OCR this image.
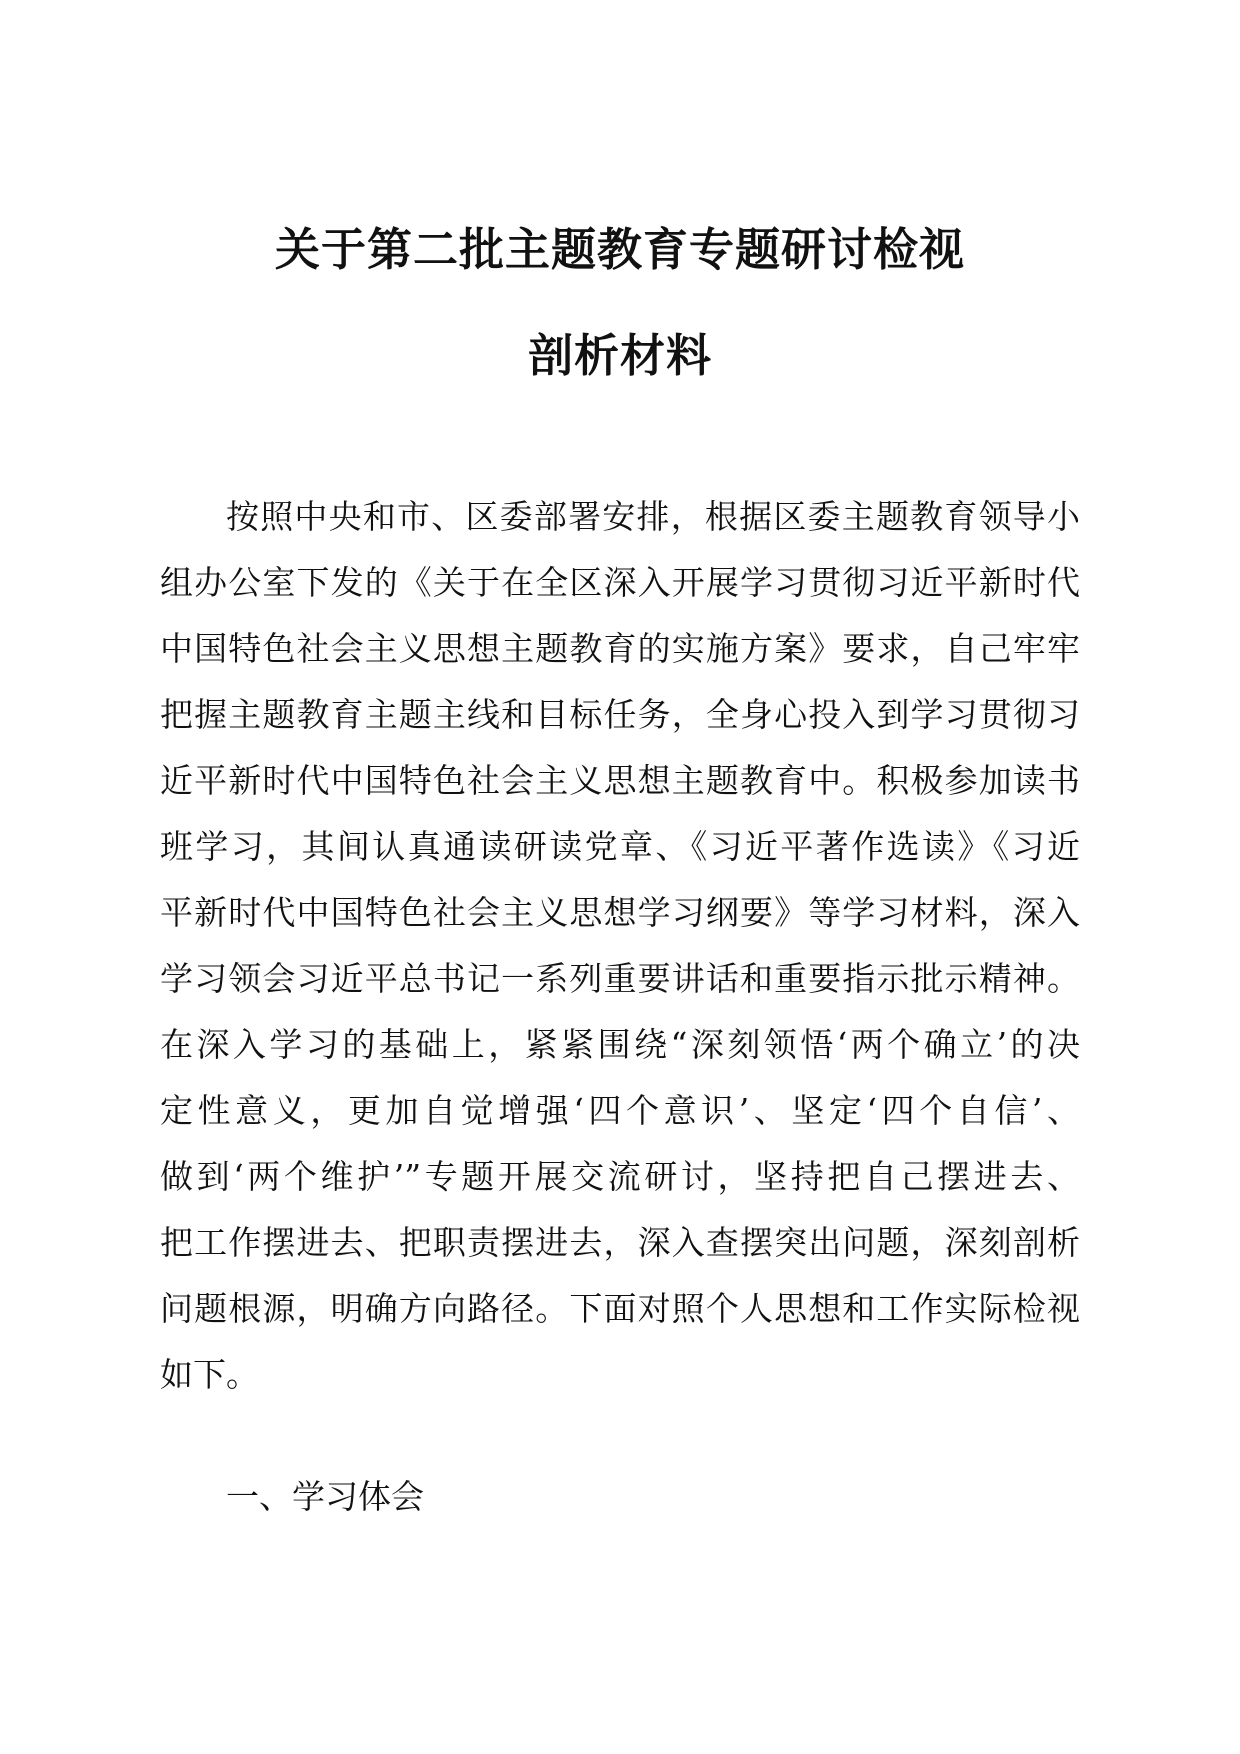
关于第二批主题教育专题研讨检视
剖析材料
按照中央和市、区委部署安排，根据区委主题教育领导小
组办公室下发的《关于在全区深入开展学习贯彻习近平新时代
中国特色社会主义思想主题教育的实施方案》要求，自己牢牢
把握主题教育主题主线和目标任务，全身心投入到学习贯彻习
近平新时代中国特色社会主义思想主题教育中。积极参加读书
班学习，其间认真通读研读党章、《习近平著作选读》《习近
平新时代中国特色社会主义思想学习纲要》等学习材料，深入
学习领会习近平总书记一系列重要讲话和重要指示批示精神。
在深入学习的基础上，紧紧围绕“深刻领悟‘两个确立’的决
定性意义，更加自觉增强‘四个意识’、坚定‘四个自信’、
做到‘两个维护’”专题开展交流研讨，坚持把自己摆进去、
把工作摆进去、把职责摆进去，深入查摆突出问题，深刻剖析
问题根源，明确方向路径。下面对照个人思想和工作实际检视
如下。
一、学习体会
